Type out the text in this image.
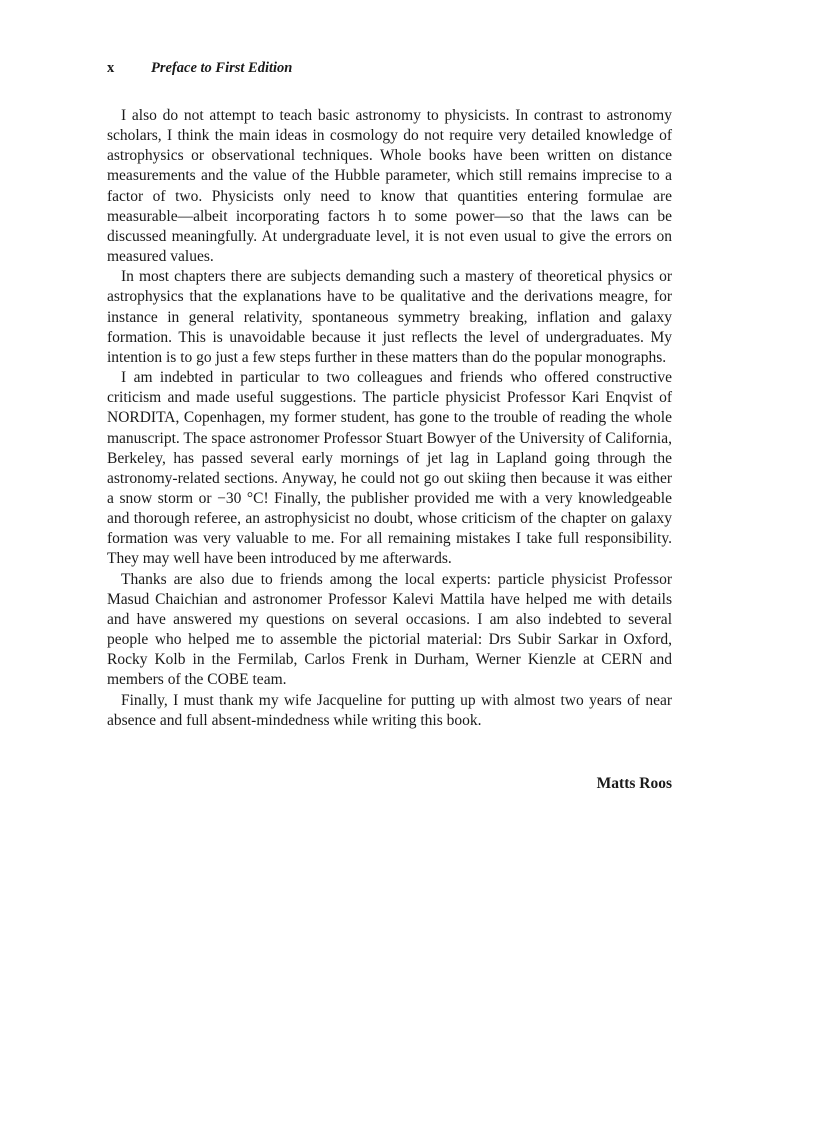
x	Preface to First Edition

I also do not attempt to teach basic astronomy to physicists. In contrast to astronomy scholars, I think the main ideas in cosmology do not require very detailed knowledge of astrophysics or observational techniques. Whole books have been written on distance measurements and the value of the Hubble parameter, which still remains imprecise to a factor of two. Physicists only need to know that quantities entering formulae are measurable—albeit incorporating factors h to some power—so that the laws can be discussed meaningfully. At undergraduate level, it is not even usual to give the errors on measured values.

In most chapters there are subjects demanding such a mastery of theoretical physics or astrophysics that the explanations have to be qualitative and the derivations meagre, for instance in general relativity, spontaneous symmetry breaking, inflation and galaxy formation. This is unavoidable because it just reflects the level of undergraduates. My intention is to go just a few steps further in these matters than do the popular monographs.

I am indebted in particular to two colleagues and friends who offered constructive criticism and made useful suggestions. The particle physicist Professor Kari Enqvist of NORDITA, Copenhagen, my former student, has gone to the trouble of reading the whole manuscript. The space astronomer Professor Stuart Bowyer of the University of California, Berkeley, has passed several early mornings of jet lag in Lapland going through the astronomy-related sections. Anyway, he could not go out skiing then because it was either a snow storm or −30 °C! Finally, the publisher provided me with a very knowledgeable and thorough referee, an astrophysicist no doubt, whose criticism of the chapter on galaxy formation was very valuable to me. For all remaining mistakes I take full responsibility. They may well have been introduced by me afterwards.

Thanks are also due to friends among the local experts: particle physicist Professor Masud Chaichian and astronomer Professor Kalevi Mattila have helped me with details and have answered my questions on several occasions. I am also indebted to several people who helped me to assemble the pictorial material: Drs Subir Sarkar in Oxford, Rocky Kolb in the Fermilab, Carlos Frenk in Durham, Werner Kienzle at CERN and members of the COBE team.

Finally, I must thank my wife Jacqueline for putting up with almost two years of near absence and full absent-mindedness while writing this book.

Matts Roos
